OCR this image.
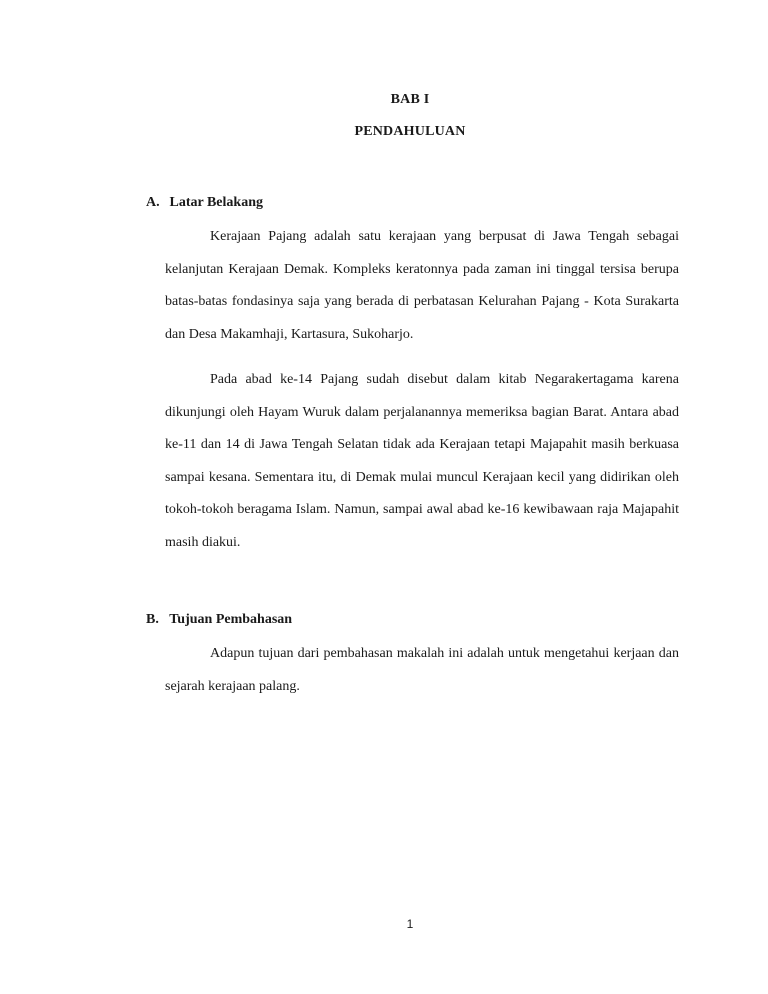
BAB I
PENDAHULUAN
A. Latar Belakang

Kerajaan Pajang adalah satu kerajaan yang berpusat di Jawa Tengah sebagai kelanjutan Kerajaan Demak. Kompleks keratonnya pada zaman ini tinggal tersisa berupa batas-batas fondasinya saja yang berada di perbatasan Kelurahan Pajang - Kota Surakarta dan Desa Makamhaji, Kartasura, Sukoharjo.

Pada abad ke-14 Pajang sudah disebut dalam kitab Negarakertagama karena dikunjungi oleh Hayam Wuruk dalam perjalanannya memeriksa bagian Barat. Antara abad ke-11 dan 14 di Jawa Tengah Selatan tidak ada Kerajaan tetapi Majapahit masih berkuasa sampai kesana. Sementara itu, di Demak mulai muncul Kerajaan kecil yang didirikan oleh tokoh-tokoh beragama Islam. Namun, sampai awal abad ke-16 kewibawaan raja Majapahit masih diakui.

B. Tujuan Pembahasan

Adapun tujuan dari pembahasan makalah ini adalah untuk mengetahui kerjaan dan sejarah kerajaan palang.

1
